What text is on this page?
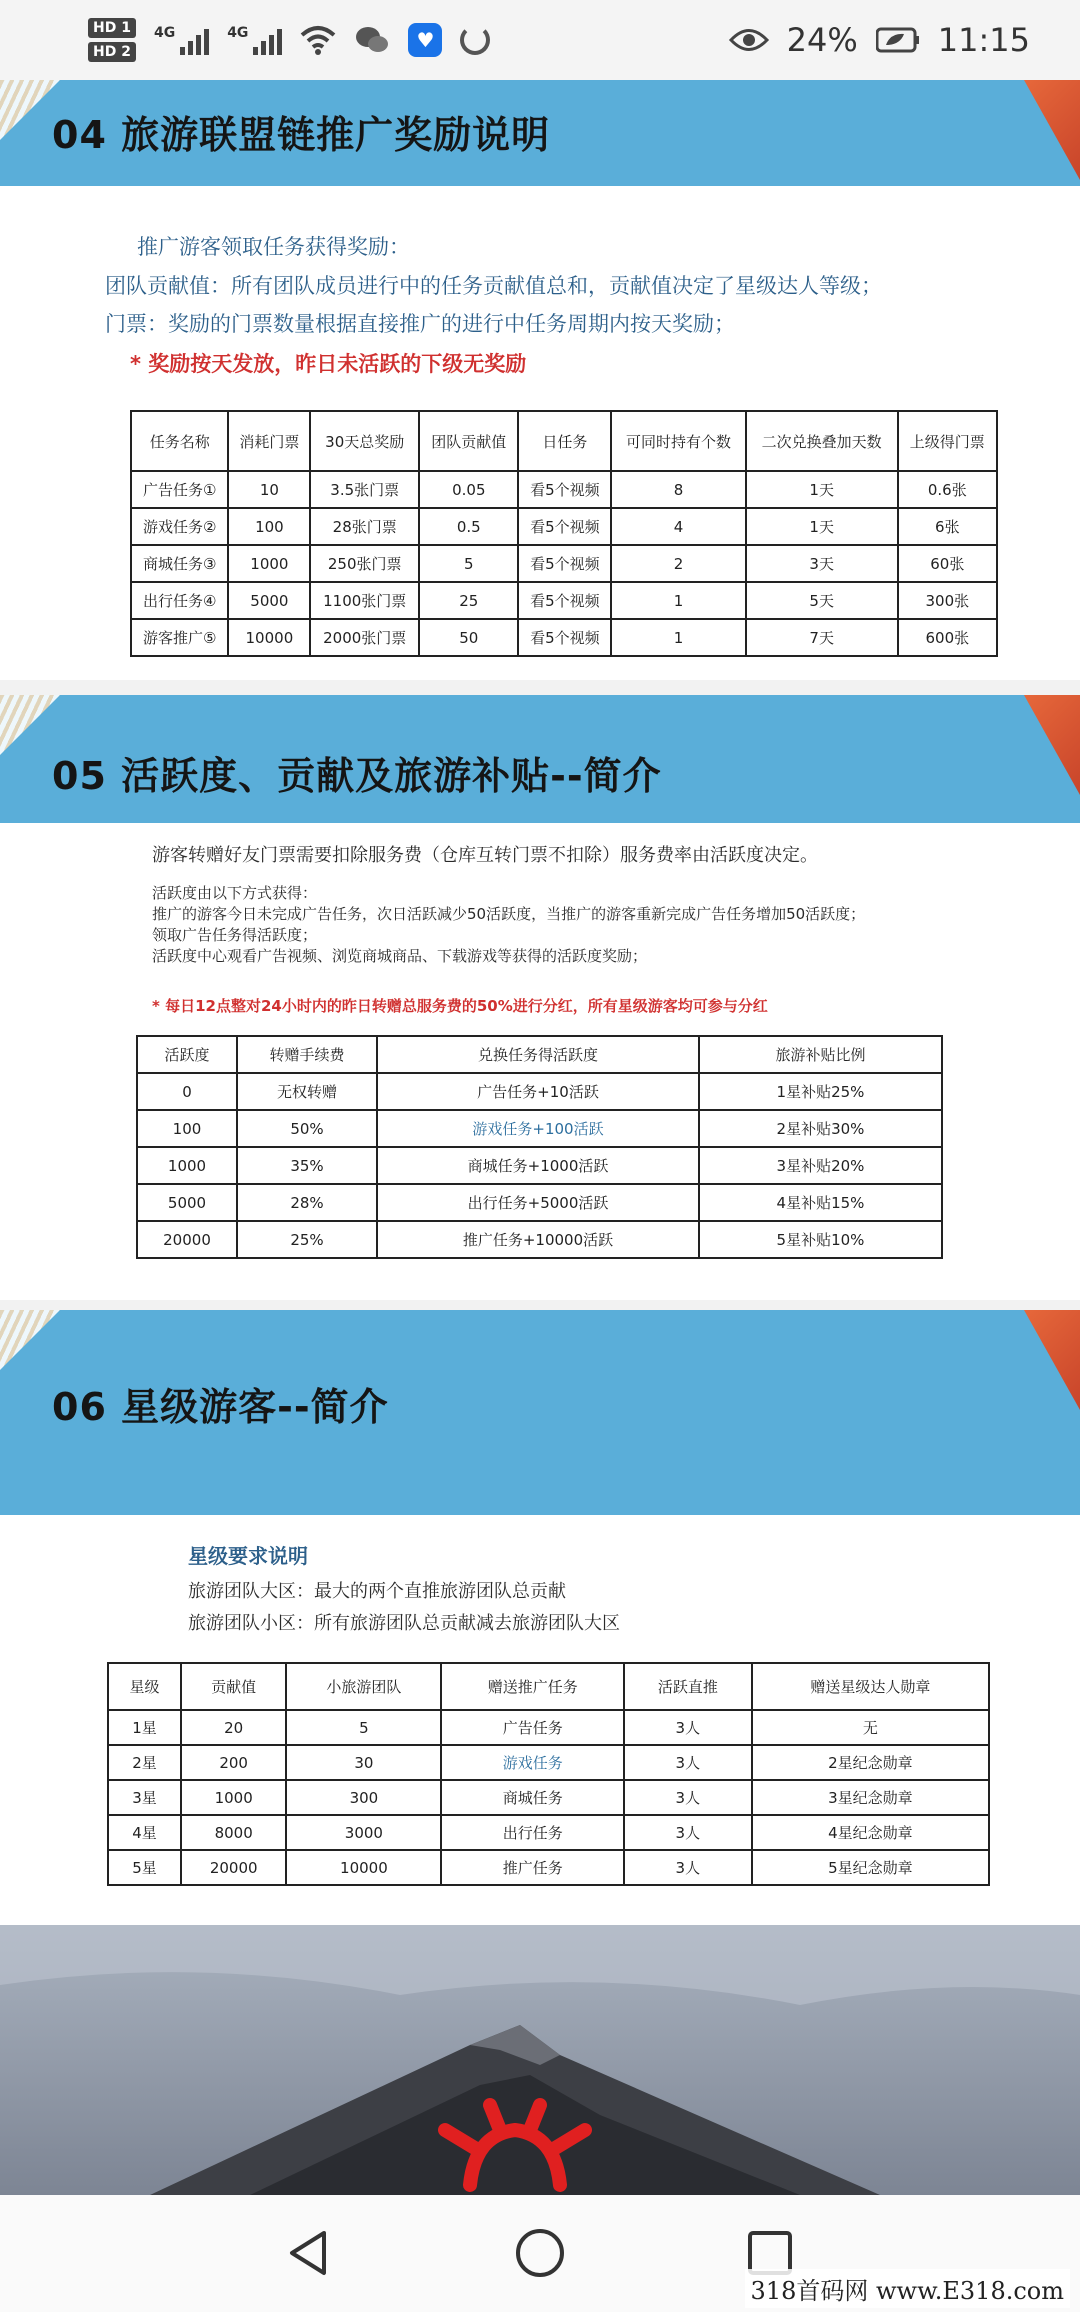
HD 1
HD 2
4G	4G	♥	24%	11:15
04 旅游联盟链推广奖励说明
推广游客领取任务获得奖励：
团队贡献值：所有团队成员进行中的任务贡献值总和，贡献值决定了星级达人等级；
门票：奖励的门票数量根据直接推广的进行中任务周期内按天奖励；
* 奖励按天发放，昨日未活跃的下级无奖励
任务名称	消耗门票	30天总奖励	团队贡献值	日任务	可同时持有个数	二次兑换叠加天数	上级得门票
广告任务①	10	3.5张门票	0.05	看5个视频	8	1天	0.6张
游戏任务②	100	28张门票	0.5	看5个视频	4	1天	6张
商城任务③	1000	250张门票	5	看5个视频	2	3天	60张
出行任务④	5000	1100张门票	25	看5个视频	1	5天	300张
游客推广⑤	10000	2000张门票	50	看5个视频	1	7天	600张
05 活跃度、贡献及旅游补贴--简介
游客转赠好友门票需要扣除服务费（仓库互转门票不扣除）服务费率由活跃度决定。
活跃度由以下方式获得：
推广的游客今日未完成广告任务，次日活跃减少50活跃度，当推广的游客重新完成广告任务增加50活跃度；
领取广告任务得活跃度；
活跃度中心观看广告视频、浏览商城商品、下载游戏等获得的活跃度奖励；
* 每日12点整对24小时内的昨日转赠总服务费的50%进行分红，所有星级游客均可参与分红
活跃度	转赠手续费	兑换任务得活跃度	旅游补贴比例
0	无权转赠	广告任务+10活跃	1星补贴25%
100	50%	游戏任务+100活跃	2星补贴30%
1000	35%	商城任务+1000活跃	3星补贴20%
5000	28%	出行任务+5000活跃	4星补贴15%
20000	25%	推广任务+10000活跃	5星补贴10%
06 星级游客--简介
星级要求说明
旅游团队大区：最大的两个直推旅游团队总贡献
旅游团队小区：所有旅游团队总贡献减去旅游团队大区
星级	贡献值	小旅游团队	赠送推广任务	活跃直推	赠送星级达人勋章
1星	20	5	广告任务	3人	无
2星	200	30	游戏任务	3人	2星纪念勋章
3星	1000	300	商城任务	3人	3星纪念勋章
4星	8000	3000	出行任务	3人	4星纪念勋章
5星	20000	10000	推广任务	3人	5星纪念勋章
318首码网 www.E318.com
